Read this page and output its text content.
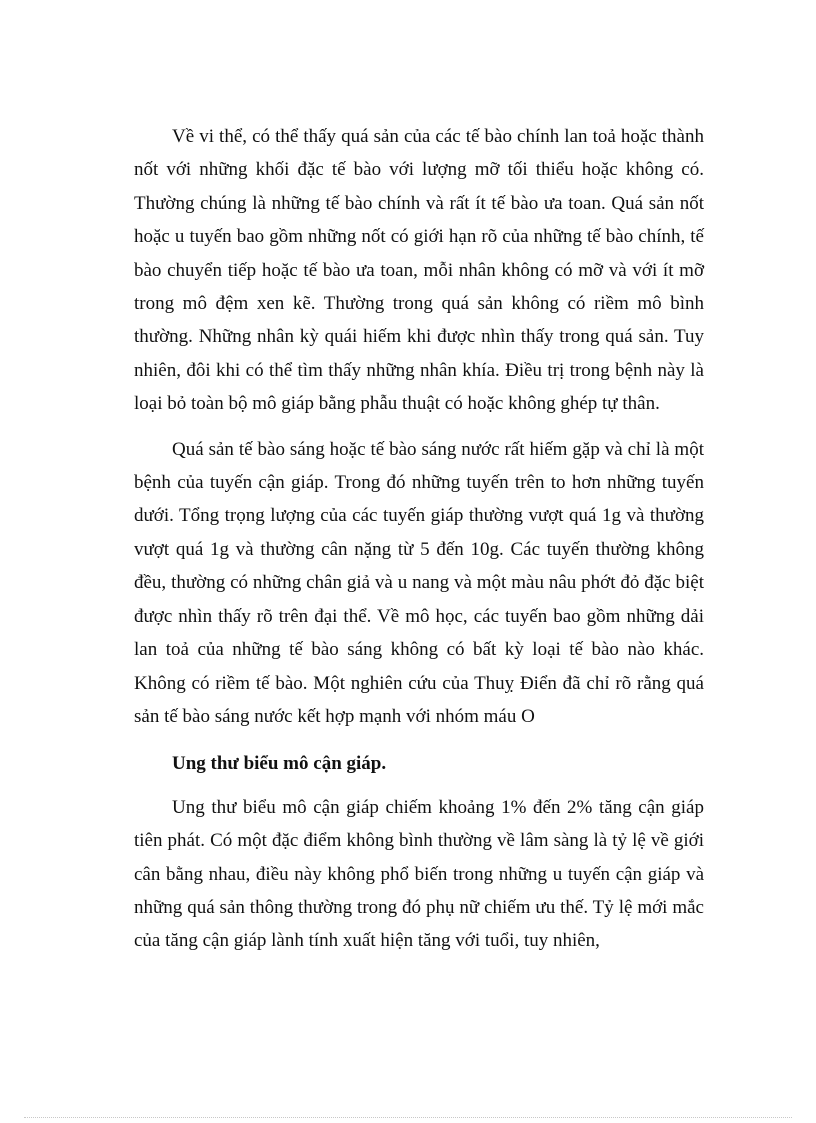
Về vi thể, có thể thấy quá sản của các tế bào chính lan toả hoặc thành nốt với những khối đặc tế bào với lượng mỡ tối thiểu hoặc không có. Thường chúng là những tế bào chính và rất ít tế bào ưa toan. Quá sản nốt hoặc u tuyến bao gồm những nốt có giới hạn rõ của những tế bào chính, tế bào chuyển tiếp hoặc tế bào ưa toan, mỗi nhân không có mỡ và với ít mỡ trong mô đệm xen kẽ. Thường trong quá sản không có riềm mô bình thường. Những nhân kỳ quái hiếm khi được nhìn thấy trong quá sản. Tuy nhiên, đôi khi có thể tìm thấy những nhân khía. Điều trị trong bệnh này là loại bỏ toàn bộ mô giáp bằng phẫu thuật có hoặc không ghép tự thân.

Quá sản tế bào sáng hoặc tế bào sáng nước rất hiếm gặp và chỉ là một bệnh của tuyến cận giáp. Trong đó những tuyến trên to hơn những tuyến dưới. Tổng trọng lượng của các tuyến giáp thường vượt quá 1g và thường vượt quá 1g và thường cân nặng từ 5 đến 10g. Các tuyến thường không đều, thường có những chân giả và u nang và một màu nâu phớt đỏ đặc biệt được nhìn thấy rõ trên đại thể. Về mô học, các tuyến bao gồm những dải lan toả của những tế bào sáng không có bất kỳ loại tế bào nào khác. Không có riềm tế bào. Một nghiên cứu của Thuỵ Điển đã chỉ rõ rằng quá sản tế bào sáng nước kết hợp mạnh với nhóm máu O

Ung thư biểu mô cận giáp.

Ung thư biểu mô cận giáp chiếm khoảng 1% đến 2% tăng cận giáp tiên phát. Có một đặc điểm không bình thường về lâm sàng là tỷ lệ về giới cân bằng nhau, điều này không phổ biến trong những u tuyến cận giáp và những quá sản thông thường trong đó phụ nữ chiếm ưu thế. Tỷ lệ mới mắc của tăng cận giáp lành tính xuất hiện tăng với tuổi, tuy nhiên,
